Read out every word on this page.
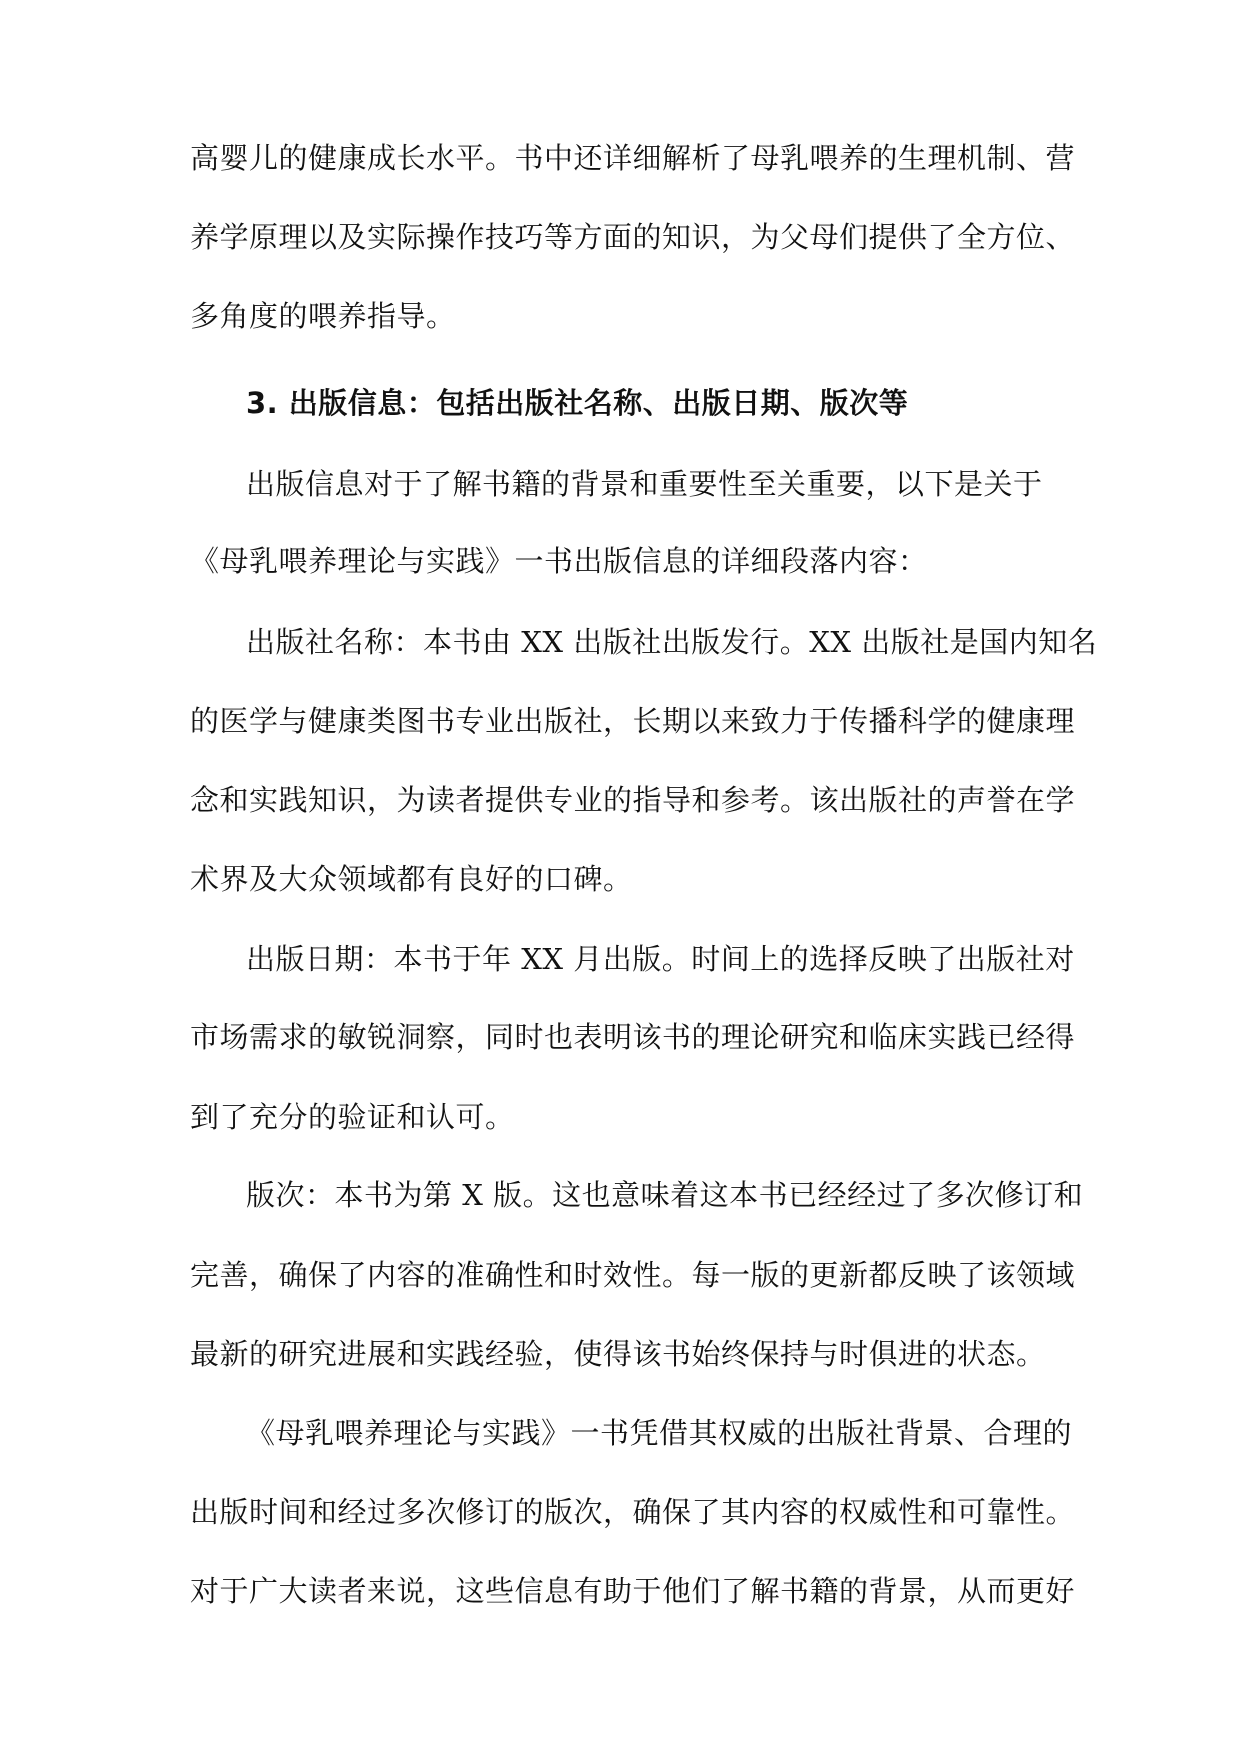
高婴儿的健康成长水平。书中还详细解析了母乳喂养的生理机制、营
养学原理以及实际操作技巧等方面的知识，为父母们提供了全方位、
多角度的喂养指导。
3. 出版信息：包括出版社名称、出版日期、版次等
出版信息对于了解书籍的背景和重要性至关重要，以下是关于
《母乳喂养理论与实践》一书出版信息的详细段落内容：
出版社名称：本书由 XX 出版社出版发行。XX 出版社是国内知名
的医学与健康类图书专业出版社，长期以来致力于传播科学的健康理
念和实践知识，为读者提供专业的指导和参考。该出版社的声誉在学
术界及大众领域都有良好的口碑。
出版日期：本书于年 XX 月出版。时间上的选择反映了出版社对
市场需求的敏锐洞察，同时也表明该书的理论研究和临床实践已经得
到了充分的验证和认可。
版次：本书为第 X 版。这也意味着这本书已经经过了多次修订和
完善，确保了内容的准确性和时效性。每一版的更新都反映了该领域
最新的研究进展和实践经验，使得该书始终保持与时俱进的状态。
《母乳喂养理论与实践》一书凭借其权威的出版社背景、合理的
出版时间和经过多次修订的版次，确保了其内容的权威性和可靠性。
对于广大读者来说，这些信息有助于他们了解书籍的背景，从而更好
